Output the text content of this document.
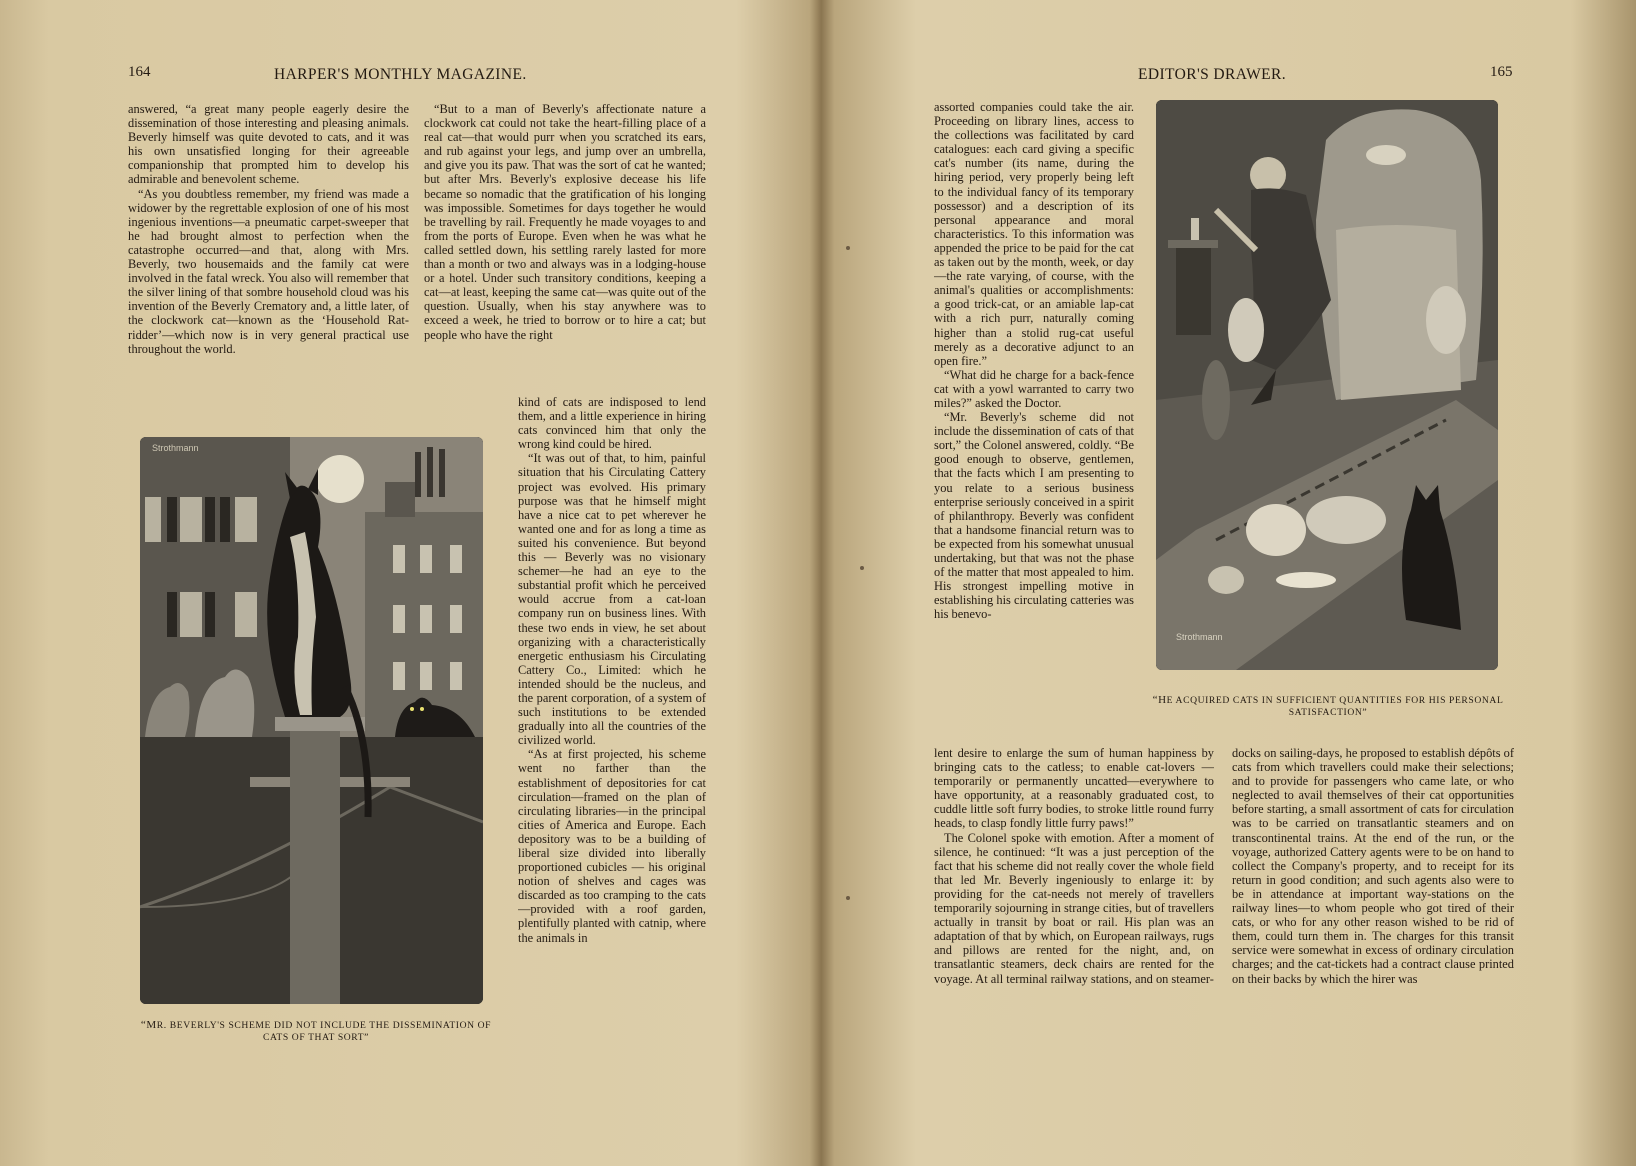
164	HARPER'S MONTHLY MAGAZINE.

answered, “a great many people eagerly desire the dissemination of those interesting and pleasing animals. Beverly himself was quite devoted to cats, and it was his own unsatisfied longing for their agreeable companionship that prompted him to develop his admirable and benevolent scheme.

“As you doubtless remember, my friend was made a widower by the regrettable explosion of one of his most ingenious inventions—a pneumatic carpet-sweeper that he had brought almost to perfection when the catastrophe occurred—and that, along with Mrs. Beverly, two housemaids and the family cat were involved in the fatal wreck. You also will remember that the silver lining of that sombre household cloud was his invention of the Beverly Crematory and, a little later, of the clockwork cat—known as the ‘Household Rat-ridder’—which now is in very general practical use throughout the world.

“But to a man of Beverly's affectionate nature a clockwork cat could not take the heart-filling place of a real cat—that would purr when you scratched its ears, and rub against your legs, and jump over an umbrella, and give you its paw. That was the sort of cat he wanted; but after Mrs. Beverly's explosive decease his life became so nomadic that the gratification of his longing was impossible. Sometimes for days together he would be travelling by rail. Frequently he made voyages to and from the ports of Europe. Even when he was what he called settled down, his settling rarely lasted for more than a month or two and always was in a lodging-house or a hotel. Under such transitory conditions, keeping a cat—at least, keeping the same cat—was quite out of the question. Usually, when his stay anywhere was to exceed a week, he tried to borrow or to hire a cat; but people who have the right

kind of cats are indisposed to lend them, and a little experience in hiring cats convinced him that only the wrong kind could be hired.

“It was out of that, to him, painful situation that his Circulating Cattery project was evolved. His primary purpose was that he himself might have a nice cat to pet wherever he wanted one and for as long a time as suited his convenience. But beyond this — Beverly was no visionary schemer—he had an eye to the substantial profit which he perceived would accrue from a cat-loan company run on business lines. With these two ends in view, he set about organizing with a characteristically energetic enthusiasm his Circulating Cattery Co., Limited: which he intended should be the nucleus, and the parent corporation, of a system of such institutions to be extended gradually into all the countries of the civilized world.

“As at first projected, his scheme went no farther than the establishment of depositories for cat circulation—framed on the plan of circulating libraries—in the principal cities of America and Europe. Each depository was to be a building of liberal size divided into liberally proportioned cubicles — his original notion of shelves and cages was discarded as too cramping to the cats—provided with a roof garden, plentifully planted with catnip, where the animals in

Strothmann
“MR. BEVERLY'S SCHEME DID NOT INCLUDE THE DISSEMINATION OF CATS OF THAT SORT”
EDITOR'S DRAWER.	165

assorted companies could take the air. Proceeding on library lines, access to the collections was facilitated by card catalogues: each card giving a specific cat's number (its name, during the hiring period, very properly being left to the individual fancy of its temporary possessor) and a description of its personal appearance and moral characteristics. To this information was appended the price to be paid for the cat as taken out by the month, week, or day—the rate varying, of course, with the animal's qualities or accomplishments: a good trick-cat, or an amiable lap-cat with a rich purr, naturally coming higher than a stolid rug-cat useful merely as a decorative adjunct to an open fire.”

“What did he charge for a back-fence cat with a yowl warranted to carry two miles?” asked the Doctor.

“Mr. Beverly's scheme did not include the dissemination of cats of that sort,” the Colonel answered, coldly. “Be good enough to observe, gentlemen, that the facts which I am presenting to you relate to a serious business enterprise seriously conceived in a spirit of philanthropy. Beverly was confident that a handsome financial return was to be expected from his somewhat unusual undertaking, but that was not the phase of the matter that most appealed to him. His strongest impelling motive in establishing his circulating catteries was his benevo-

lent desire to enlarge the sum of human happiness by bringing cats to the catless; to enable cat-lovers — temporarily or permanently uncatted—everywhere to have opportunity, at a reasonably graduated cost, to cuddle little soft furry bodies, to stroke little round furry heads, to clasp fondly little furry paws!”

The Colonel spoke with emotion. After a moment of silence, he continued: “It was a just perception of the fact that his scheme did not really cover the whole field that led Mr. Beverly ingeniously to enlarge it: by providing for the cat-needs not merely of travellers temporarily sojourning in strange cities, but of travellers actually in transit by boat or rail. His plan was an adaptation of that by which, on European railways, rugs and pillows are rented for the night, and, on transatlantic steamers, deck chairs are rented for the voyage. At all terminal railway stations, and on steamer-

docks on sailing-days, he proposed to establish dépôts of cats from which travellers could make their selections; and to provide for passengers who came late, or who neglected to avail themselves of their cat opportunities before starting, a small assortment of cats for circulation was to be carried on transatlantic steamers and on transcontinental trains. At the end of the run, or the voyage, authorized Cattery agents were to be on hand to collect the Company's property, and to receipt for its return in good condition; and such agents also were to be in attendance at important way-stations on the railway lines—to whom people who got tired of their cats, or who for any other reason wished to be rid of them, could turn them in. The charges for this transit service were somewhat in excess of ordinary circulation charges; and the cat-tickets had a contract clause printed on their backs by which the hirer was

Strothmann
“HE ACQUIRED CATS IN SUFFICIENT QUANTITIES FOR HIS PERSONAL SATISFACTION”
